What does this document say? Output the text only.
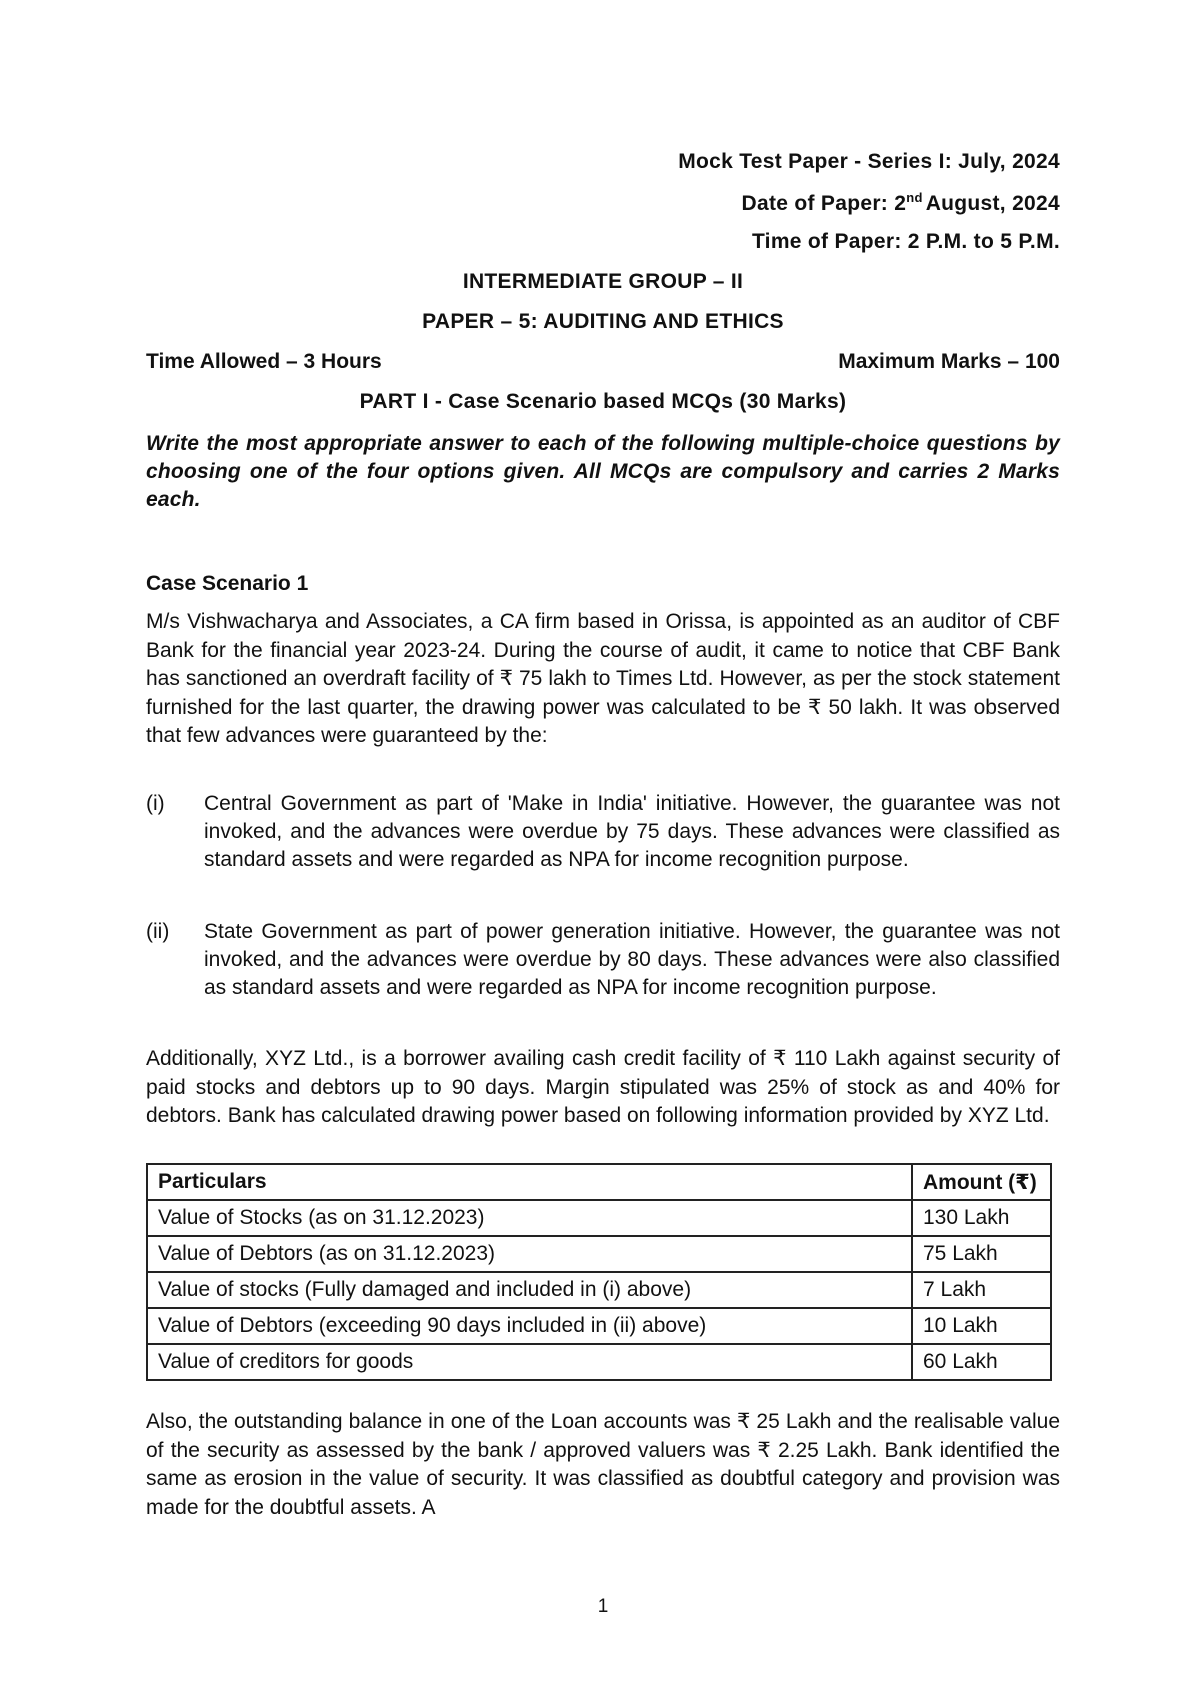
Mock Test Paper - Series I: July, 2024
Date of Paper: 2nd August, 2024
Time of Paper: 2 P.M. to 5 P.M.
INTERMEDIATE GROUP – II
PAPER – 5: AUDITING AND ETHICS
Time Allowed – 3 Hours	Maximum Marks – 100
PART I - Case Scenario based MCQs (30 Marks)
Write the most appropriate answer to each of the following multiple-choice questions by choosing one of the four options given. All MCQs are compulsory and carries 2 Marks each.
Case Scenario 1
M/s Vishwacharya and Associates, a CA firm based in Orissa, is appointed as an auditor of CBF Bank for the financial year 2023-24. During the course of audit, it came to notice that CBF Bank has sanctioned an overdraft facility of ₹ 75 lakh to Times Ltd. However, as per the stock statement furnished for the last quarter, the drawing power was calculated to be ₹ 50 lakh. It was observed that few advances were guaranteed by the:
(i) Central Government as part of 'Make in India' initiative. However, the guarantee was not invoked, and the advances were overdue by 75 days. These advances were classified as standard assets and were regarded as NPA for income recognition purpose.
(ii) State Government as part of power generation initiative. However, the guarantee was not invoked, and the advances were overdue by 80 days. These advances were also classified as standard assets and were regarded as NPA for income recognition purpose.
Additionally, XYZ Ltd., is a borrower availing cash credit facility of ₹ 110 Lakh against security of paid stocks and debtors up to 90 days. Margin stipulated was 25% of stock as and 40% for debtors. Bank has calculated drawing power based on following information provided by XYZ Ltd.
Particulars	Amount (₹)
Value of Stocks (as on 31.12.2023)	130 Lakh
Value of Debtors (as on 31.12.2023)	75 Lakh
Value of stocks (Fully damaged and included in (i) above)	7 Lakh
Value of Debtors (exceeding 90 days included in (ii) above)	10 Lakh
Value of creditors for goods	60 Lakh
Also, the outstanding balance in one of the Loan accounts was ₹ 25 Lakh and the realisable value of the security as assessed by the bank / approved valuers was ₹ 2.25 Lakh. Bank identified the same as erosion in the value of security. It was classified as doubtful category and provision was made for the doubtful assets. A
1
